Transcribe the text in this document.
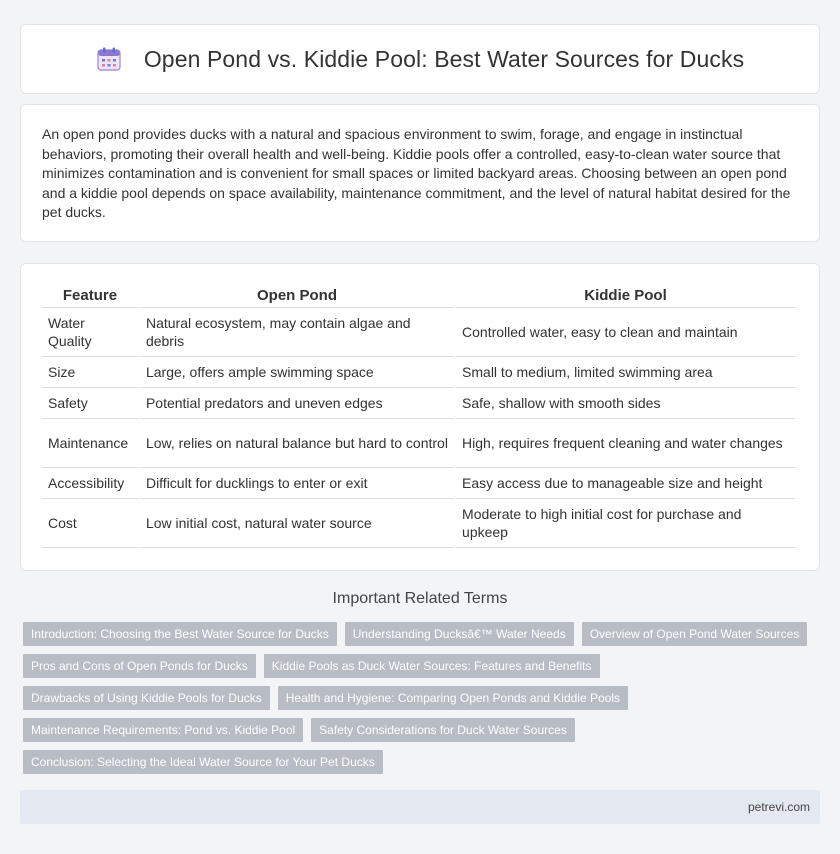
Open Pond vs. Kiddie Pool: Best Water Sources for Ducks

An open pond provides ducks with a natural and spacious environment to swim, forage, and engage in instinctual behaviors, promoting their overall health and well-being. Kiddie pools offer a controlled, easy-to-clean water source that minimizes contamination and is convenient for small spaces or limited backyard areas. Choosing between an open pond and a kiddie pool depends on space availability, maintenance commitment, and the level of natural habitat desired for the pet ducks.

Feature	Open Pond	Kiddie Pool
Water Quality	Natural ecosystem, may contain algae and debris	Controlled water, easy to clean and maintain
Size	Large, offers ample swimming space	Small to medium, limited swimming area
Safety	Potential predators and uneven edges	Safe, shallow with smooth sides
Maintenance	Low, relies on natural balance but hard to control	High, requires frequent cleaning and water changes
Accessibility	Difficult for ducklings to enter or exit	Easy access due to manageable size and height
Cost	Low initial cost, natural water source	Moderate to high initial cost for purchase and upkeep
Important Related Terms
Introduction: Choosing the Best Water Source for Ducks	Understanding Ducksâ€™ Water Needs	Overview of Open Pond Water Sources
Pros and Cons of Open Ponds for Ducks	Kiddie Pools as Duck Water Sources: Features and Benefits
Drawbacks of Using Kiddie Pools for Ducks	Health and Hygiene: Comparing Open Ponds and Kiddie Pools
Maintenance Requirements: Pond vs. Kiddie Pool	Safety Considerations for Duck Water Sources
Conclusion: Selecting the Ideal Water Source for Your Pet Ducks
petrevi.com
